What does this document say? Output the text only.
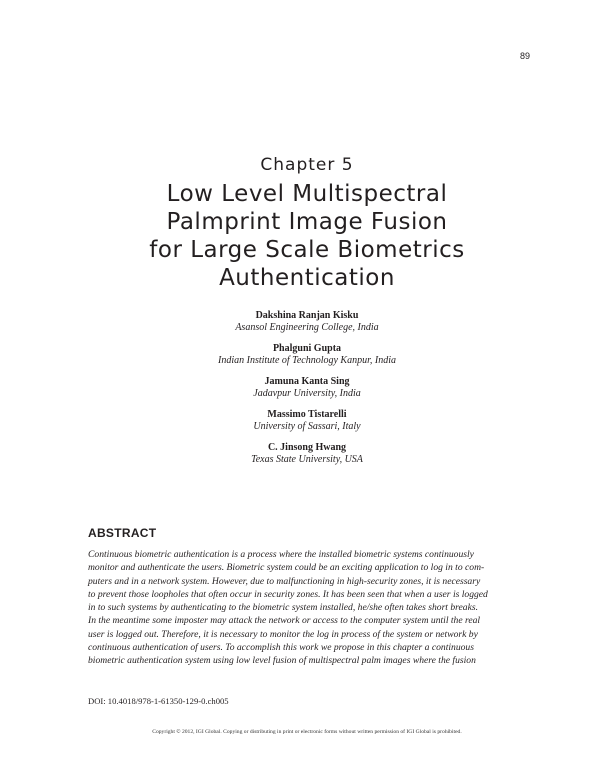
89
Chapter 5
Low Level Multispectral
Palmprint Image Fusion
for Large Scale Biometrics
Authentication
Dakshina Ranjan Kisku
Asansol Engineering College, India
Phalguni Gupta
Indian Institute of Technology Kanpur, India
Jamuna Kanta Sing
Jadavpur University, India
Massimo Tistarelli
University of Sassari, Italy
C. Jinsong Hwang
Texas State University, USA
ABSTRACT

Continuous biometric authentication is a process where the installed biometric systems continuously
monitor and authenticate the users. Biometric system could be an exciting application to log in to com-
puters and in a network system. However, due to malfunctioning in high-security zones, it is necessary
to prevent those loopholes that often occur in security zones. It has been seen that when a user is logged
in to such systems by authenticating to the biometric system installed, he/she often takes short breaks.
In the meantime some imposter may attack the network or access to the computer system until the real
user is logged out. Therefore, it is necessary to monitor the log in process of the system or network by
continuous authentication of users. To accomplish this work we propose in this chapter a continuous
biometric authentication system using low level fusion of multispectral palm images where the fusion

DOI: 10.4018/978-1-61350-129-0.ch005
Copyright © 2012, IGI Global. Copying or distributing in print or electronic forms without written permission of IGI Global is prohibited.
